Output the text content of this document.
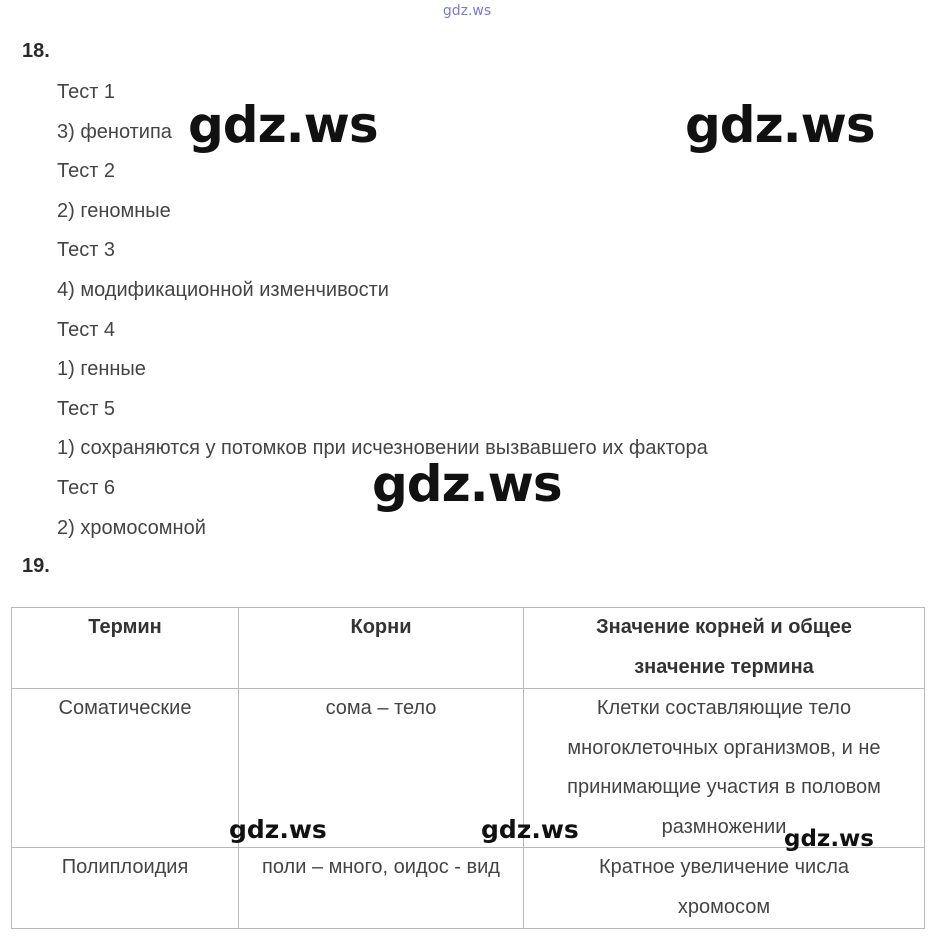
gdz.ws
18.
Тест 1
3) фенотипа
Тест 2
2) геномные
Тест 3
4) модификационной изменчивости
Тест 4
1) генные
Тест 5
1) сохраняются у потомков при исчезновении вызвавшего их фактора
Тест 6
2) хромосомной
19.
Термин	Корни	Значение корней и общее значение термина
Соматические	сома – тело	Клетки составляющие тело многоклеточных организмов, и не принимающие участия в половом размножении
Полиплоидия	поли – много, оидос - вид	Кратное увеличение числа хромосом
gdz.ws	gdz.ws
gdz.ws
gdz.ws	gdz.ws	gdz.ws
